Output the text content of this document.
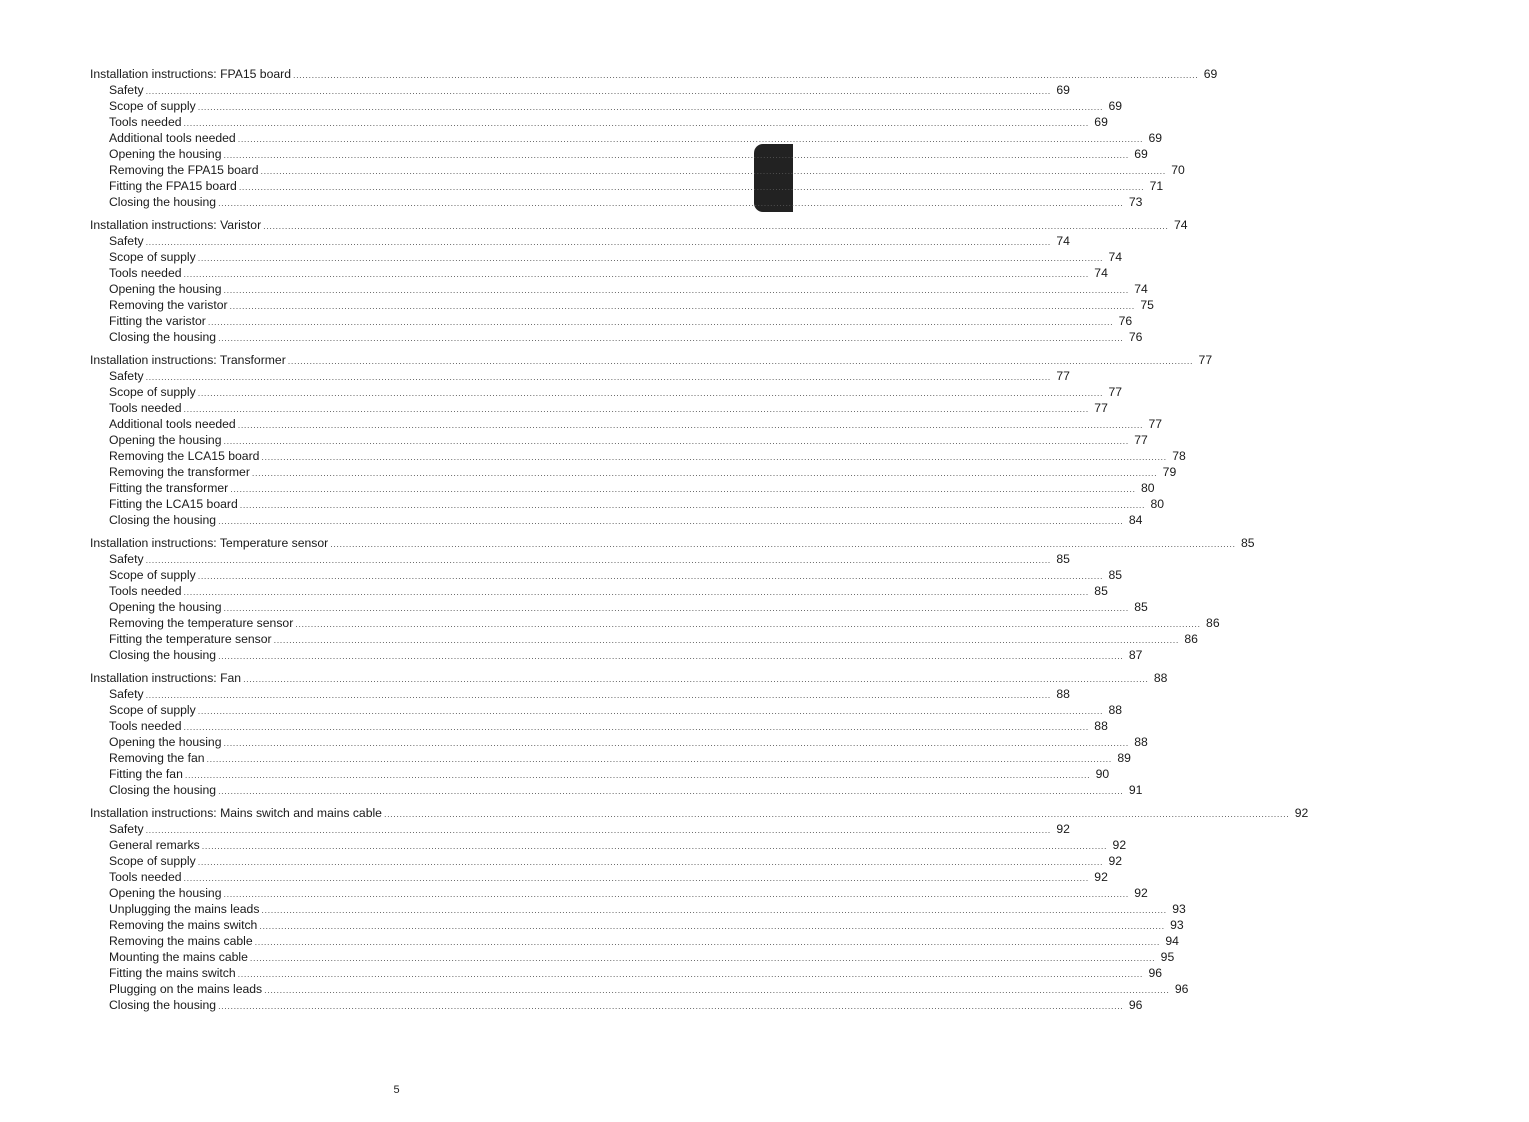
GB
Installation instructions: FPA15 board .....	69
Safety .....	69
Scope of supply .....	69
Tools needed .....	69
Additional tools needed .....	69
Opening the housing .....	69
Removing the FPA15 board .....	70
Fitting the FPA15 board .....	71
Closing the housing .....	73
Installation instructions: Varistor .....	74
Safety .....	74
Scope of supply .....	74
Tools needed .....	74
Opening the housing .....	74
Removing the varistor .....	75
Fitting the varistor .....	76
Closing the housing .....	76
Installation instructions: Transformer .....	77
Safety .....	77
Scope of supply .....	77
Tools needed .....	77
Additional tools needed .....	77
Opening the housing .....	77
Removing the LCA15 board .....	78
Removing the transformer .....	79
Fitting the transformer .....	80
Fitting the LCA15 board .....	80
Closing the housing .....	84
Installation instructions: Temperature sensor .....	85
Safety .....	85
Scope of supply .....	85
Tools needed .....	85
Opening the housing .....	85
Removing the temperature sensor .....	86
Fitting the temperature sensor .....	86
Closing the housing .....	87
Installation instructions: Fan .....	88
Safety .....	88
Scope of supply .....	88
Tools needed .....	88
Opening the housing .....	88
Removing the fan .....	89
Fitting the fan .....	90
Closing the housing .....	91
Installation instructions: Mains switch and mains cable .....	92
Safety .....	92
General remarks .....	92
Scope of supply .....	92
Tools needed .....	92
Opening the housing .....	92
Unplugging the mains leads .....	93
Removing the mains switch .....	93
Removing the mains cable .....	94
Mounting the mains cable .....	95
Fitting the mains switch .....	96
Plugging on the mains leads .....	96
Closing the housing .....	96
5
